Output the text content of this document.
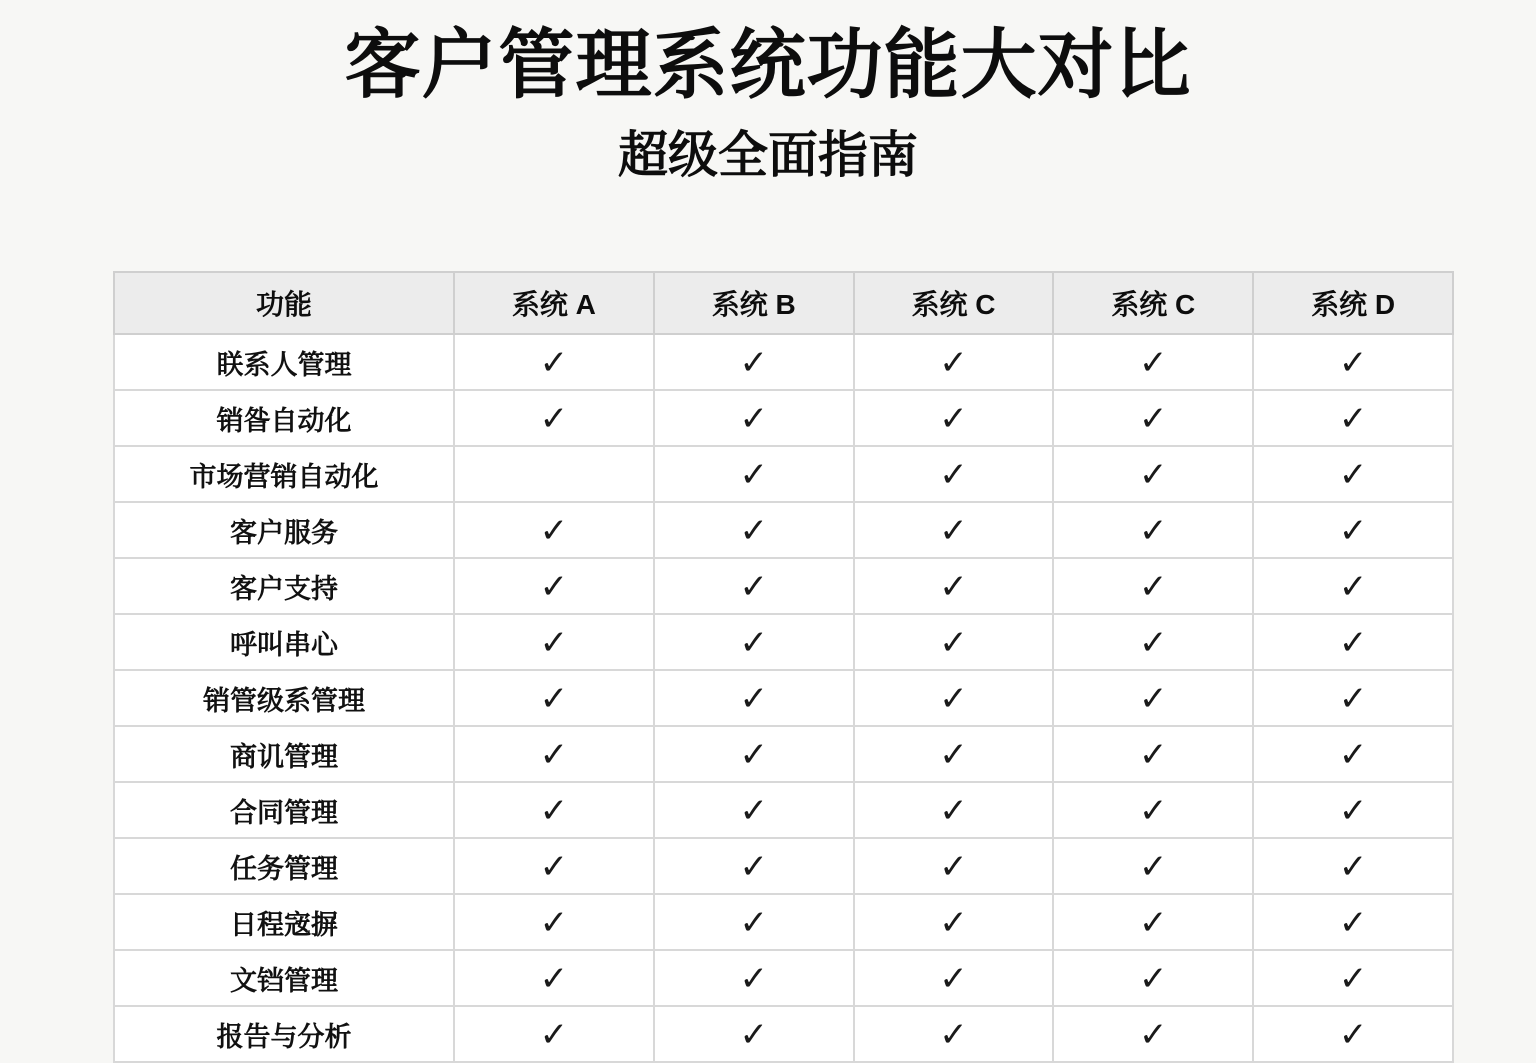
客户管理系统功能大对比
超级全面指南
功能	系统 A	系统 B	系统 C	系统 C	系统 D
眹系人管理	✓	✓	✓	✓	✓
销昝自动化	✓	✓	✓	✓	✓
市场营销自动化		✓	✓	✓	✓
客户服务	✓	✓	✓	✓	✓
客户支持	✓	✓	✓	✓	✓
呼叫串心	✓	✓	✓	✓	✓
销管级系管理	✓	✓	✓	✓	✓
商讥管理	✓	✓	✓	✓	✓
合同管理	✓	✓	✓	✓	✓
任务管理	✓	✓	✓	✓	✓
日程宼摒	✓	✓	✓	✓	✓
文铛管理	✓	✓	✓	✓	✓
报告与分析	✓	✓	✓	✓	✓
